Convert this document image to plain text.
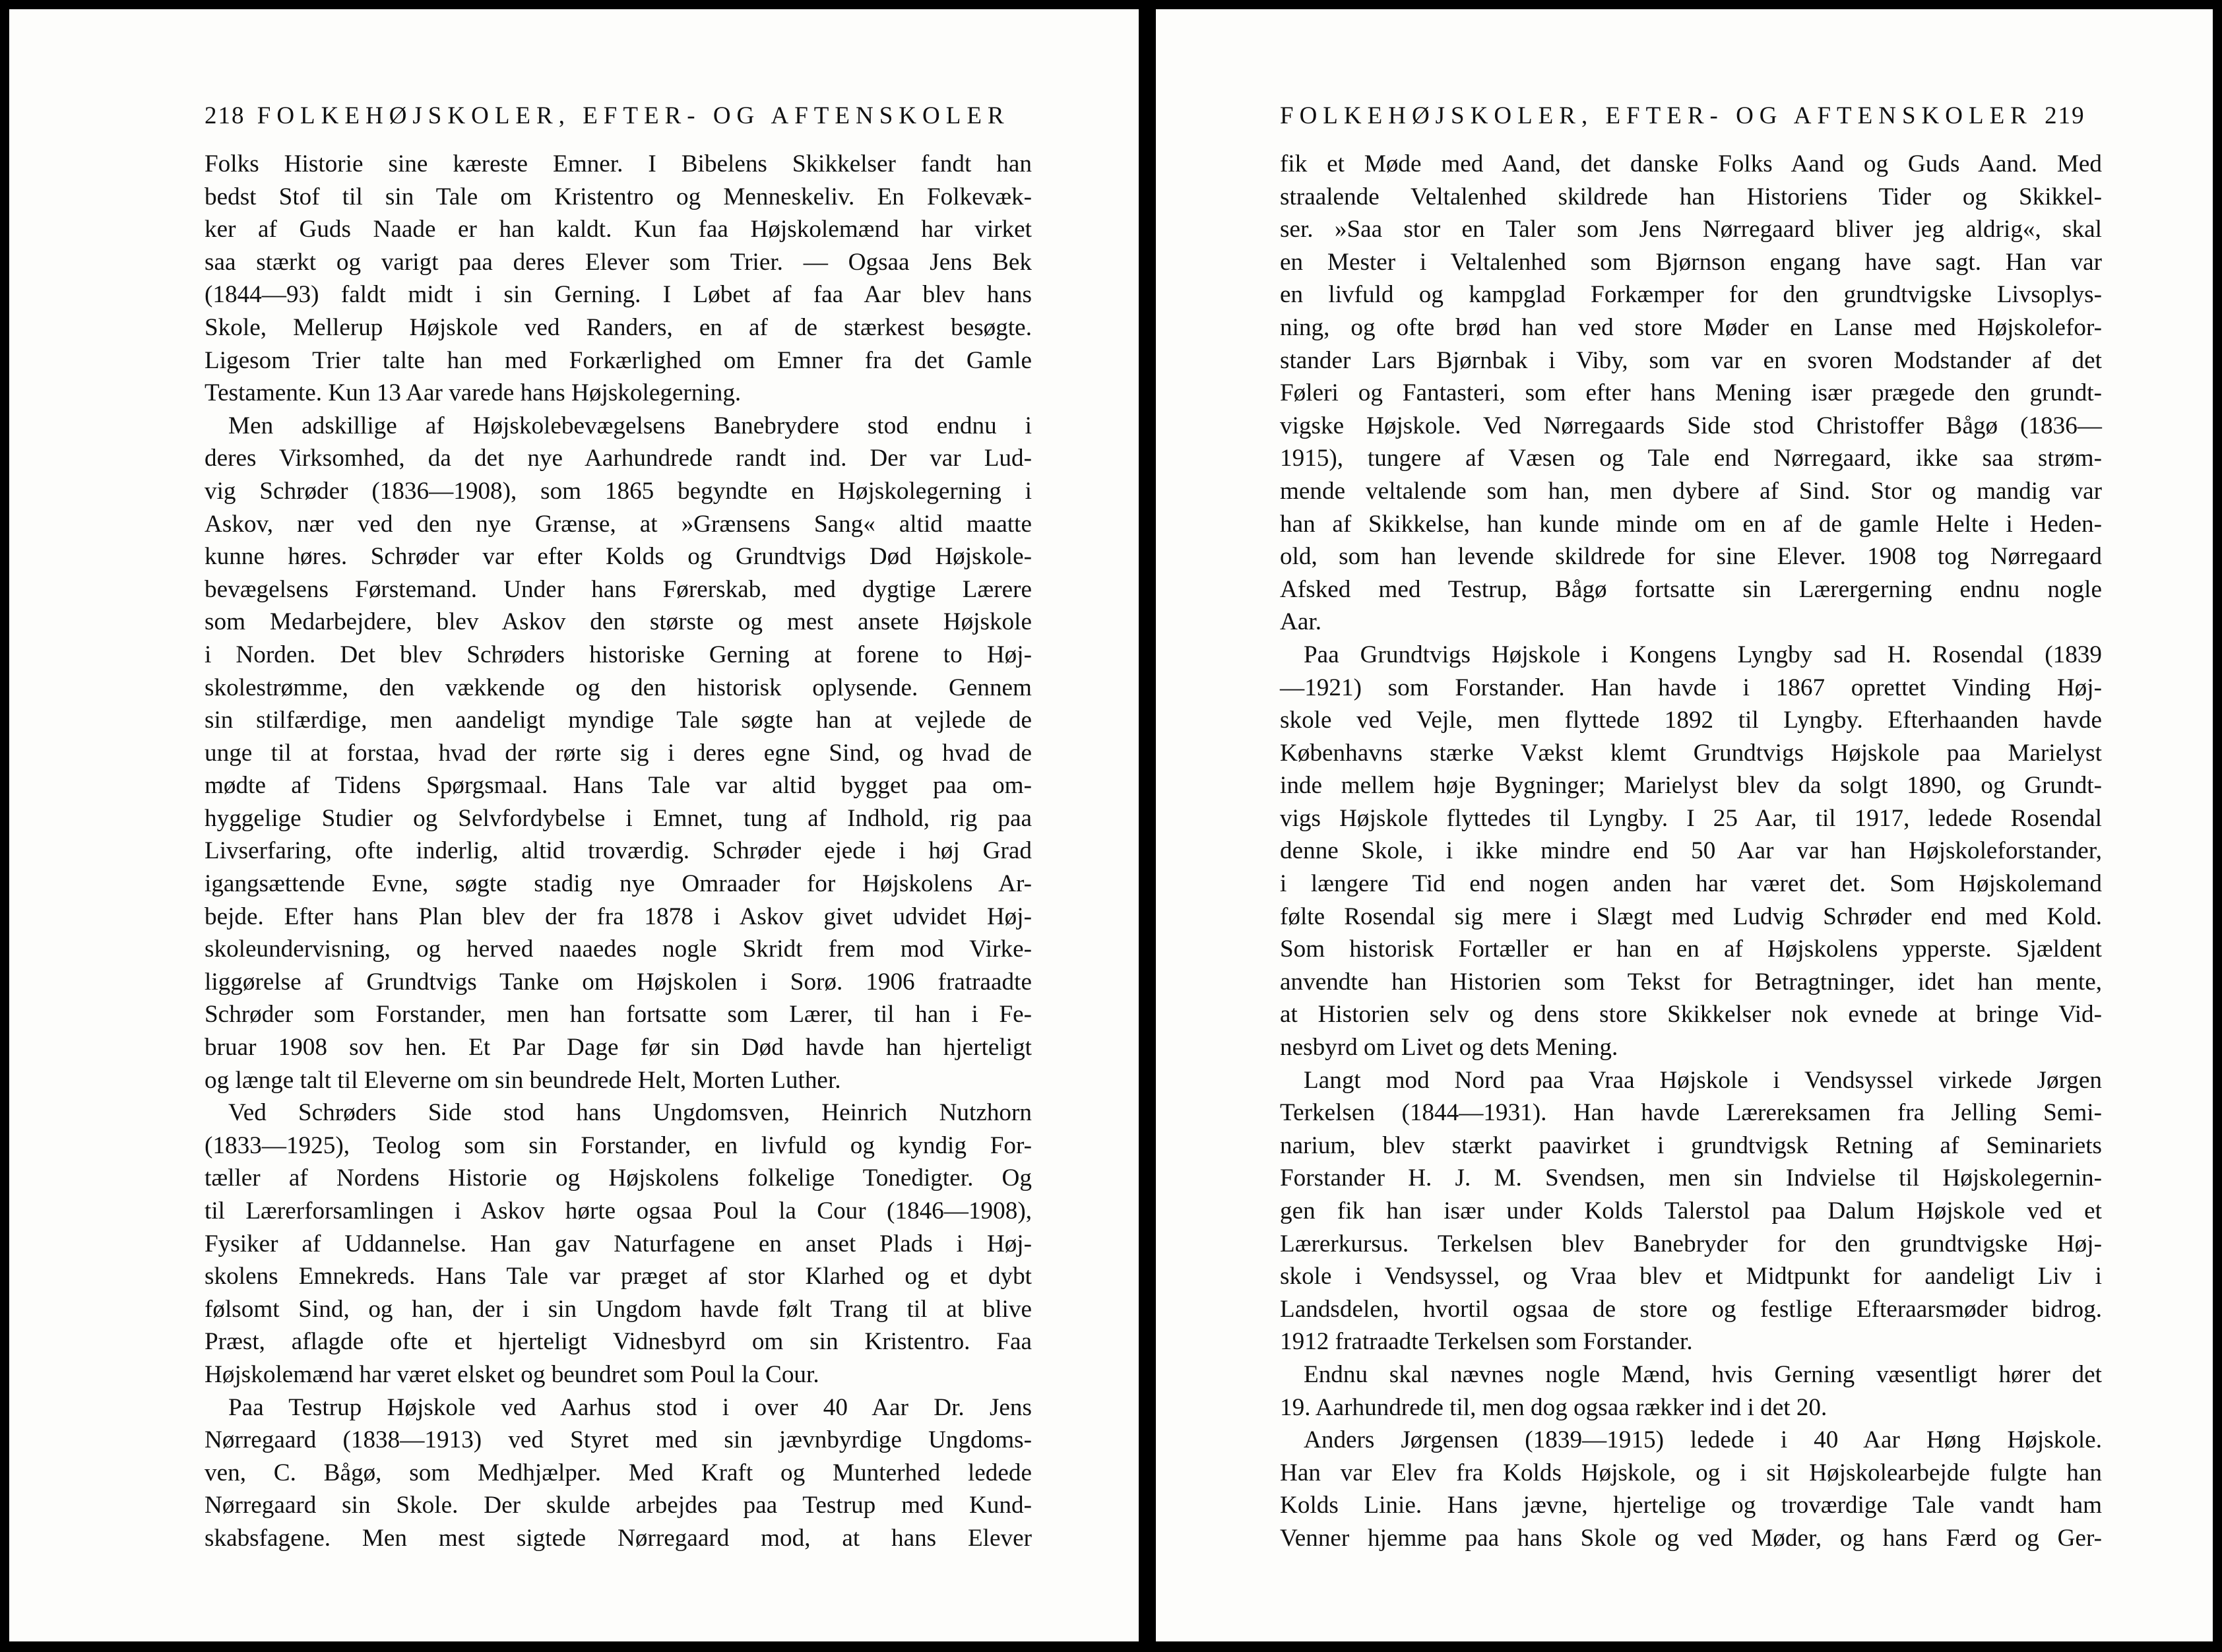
218 FOLKEHØJSKOLER, EFTER- OG AFTENSKOLER
Folks Historie sine kæreste Emner. I Bibelens Skikkelser fandt han
bedst Stof til sin Tale om Kristentro og Menneskeliv. En Folkevæk-
ker af Guds Naade er han kaldt. Kun faa Højskolemænd har virket
saa stærkt og varigt paa deres Elever som Trier. — Ogsaa Jens Bek
(1844—93) faldt midt i sin Gerning. I Løbet af faa Aar blev hans
Skole, Mellerup Højskole ved Randers, en af de stærkest besøgte.
Ligesom Trier talte han med Forkærlighed om Emner fra det Gamle
Testamente. Kun 13 Aar varede hans Højskolegerning.
Men adskillige af Højskolebevægelsens Banebrydere stod endnu i
deres Virksomhed, da det nye Aarhundrede randt ind. Der var Lud-
vig Schrøder (1836—1908), som 1865 begyndte en Højskolegerning i
Askov, nær ved den nye Grænse, at »Grænsens Sang« altid maatte
kunne høres. Schrøder var efter Kolds og Grundtvigs Død Højskole-
bevægelsens Førstemand. Under hans Førerskab, med dygtige Lærere
som Medarbejdere, blev Askov den største og mest ansete Højskole
i Norden. Det blev Schrøders historiske Gerning at forene to Høj-
skolestrømme, den vækkende og den historisk oplysende. Gennem
sin stilfærdige, men aandeligt myndige Tale søgte han at vejlede de
unge til at forstaa, hvad der rørte sig i deres egne Sind, og hvad de
mødte af Tidens Spørgsmaal. Hans Tale var altid bygget paa om-
hyggelige Studier og Selvfordybelse i Emnet, tung af Indhold, rig paa
Livserfaring, ofte inderlig, altid troværdig. Schrøder ejede i høj Grad
igangsættende Evne, søgte stadig nye Omraader for Højskolens Ar-
bejde. Efter hans Plan blev der fra 1878 i Askov givet udvidet Høj-
skoleundervisning, og herved naaedes nogle Skridt frem mod Virke-
liggørelse af Grundtvigs Tanke om Højskolen i Sorø. 1906 fratraadte
Schrøder som Forstander, men han fortsatte som Lærer, til han i Fe-
bruar 1908 sov hen. Et Par Dage før sin Død havde han hjerteligt
og længe talt til Eleverne om sin beundrede Helt, Morten Luther.
Ved Schrøders Side stod hans Ungdomsven, Heinrich Nutzhorn
(1833—1925), Teolog som sin Forstander, en livfuld og kyndig For-
tæller af Nordens Historie og Højskolens folkelige Tonedigter. Og
til Lærerforsamlingen i Askov hørte ogsaa Poul la Cour (1846—1908),
Fysiker af Uddannelse. Han gav Naturfagene en anset Plads i Høj-
skolens Emnekreds. Hans Tale var præget af stor Klarhed og et dybt
følsomt Sind, og han, der i sin Ungdom havde følt Trang til at blive
Præst, aflagde ofte et hjerteligt Vidnesbyrd om sin Kristentro. Faa
Højskolemænd har været elsket og beundret som Poul la Cour.
Paa Testrup Højskole ved Aarhus stod i over 40 Aar Dr. Jens
Nørregaard (1838—1913) ved Styret med sin jævnbyrdige Ungdoms-
ven, C. Bågø, som Medhjælper. Med Kraft og Munterhed ledede
Nørregaard sin Skole. Der skulde arbejdes paa Testrup med Kund-
skabsfagene. Men mest sigtede Nørregaard mod, at hans Elever
FOLKEHØJSKOLER, EFTER- OG AFTENSKOLER 219
fik et Møde med Aand, det danske Folks Aand og Guds Aand. Med
straalende Veltalenhed skildrede han Historiens Tider og Skikkel-
ser. »Saa stor en Taler som Jens Nørregaard bliver jeg aldrig«, skal
en Mester i Veltalenhed som Bjørnson engang have sagt. Han var
en livfuld og kampglad Forkæmper for den grundtvigske Livsoplys-
ning, og ofte brød han ved store Møder en Lanse med Højskolefor-
stander Lars Bjørnbak i Viby, som var en svoren Modstander af det
Føleri og Fantasteri, som efter hans Mening især prægede den grundt-
vigske Højskole. Ved Nørregaards Side stod Christoffer Bågø (1836—
1915), tungere af Væsen og Tale end Nørregaard, ikke saa strøm-
mende veltalende som han, men dybere af Sind. Stor og mandig var
han af Skikkelse, han kunde minde om en af de gamle Helte i Heden-
old, som han levende skildrede for sine Elever. 1908 tog Nørregaard
Afsked med Testrup, Bågø fortsatte sin Lærergerning endnu nogle
Aar.
Paa Grundtvigs Højskole i Kongens Lyngby sad H. Rosendal (1839
—1921) som Forstander. Han havde i 1867 oprettet Vinding Høj-
skole ved Vejle, men flyttede 1892 til Lyngby. Efterhaanden havde
Københavns stærke Vækst klemt Grundtvigs Højskole paa Marielyst
inde mellem høje Bygninger; Marielyst blev da solgt 1890, og Grundt-
vigs Højskole flyttedes til Lyngby. I 25 Aar, til 1917, ledede Rosendal
denne Skole, i ikke mindre end 50 Aar var han Højskoleforstander,
i længere Tid end nogen anden har været det. Som Højskolemand
følte Rosendal sig mere i Slægt med Ludvig Schrøder end med Kold.
Som historisk Fortæller er han en af Højskolens ypperste. Sjældent
anvendte han Historien som Tekst for Betragtninger, idet han mente,
at Historien selv og dens store Skikkelser nok evnede at bringe Vid-
nesbyrd om Livet og dets Mening.
Langt mod Nord paa Vraa Højskole i Vendsyssel virkede Jørgen
Terkelsen (1844—1931). Han havde Lærereksamen fra Jelling Semi-
narium, blev stærkt paavirket i grundtvigsk Retning af Seminariets
Forstander H. J. M. Svendsen, men sin Indvielse til Højskolegernin-
gen fik han især under Kolds Talerstol paa Dalum Højskole ved et
Lærerkursus. Terkelsen blev Banebryder for den grundtvigske Høj-
skole i Vendsyssel, og Vraa blev et Midtpunkt for aandeligt Liv i
Landsdelen, hvortil ogsaa de store og festlige Efteraarsmøder bidrog.
1912 fratraadte Terkelsen som Forstander.
Endnu skal nævnes nogle Mænd, hvis Gerning væsentligt hører det
19. Aarhundrede til, men dog ogsaa rækker ind i det 20.
Anders Jørgensen (1839—1915) ledede i 40 Aar Høng Højskole.
Han var Elev fra Kolds Højskole, og i sit Højskolearbejde fulgte han
Kolds Linie. Hans jævne, hjertelige og troværdige Tale vandt ham
Venner hjemme paa hans Skole og ved Møder, og hans Færd og Ger-
